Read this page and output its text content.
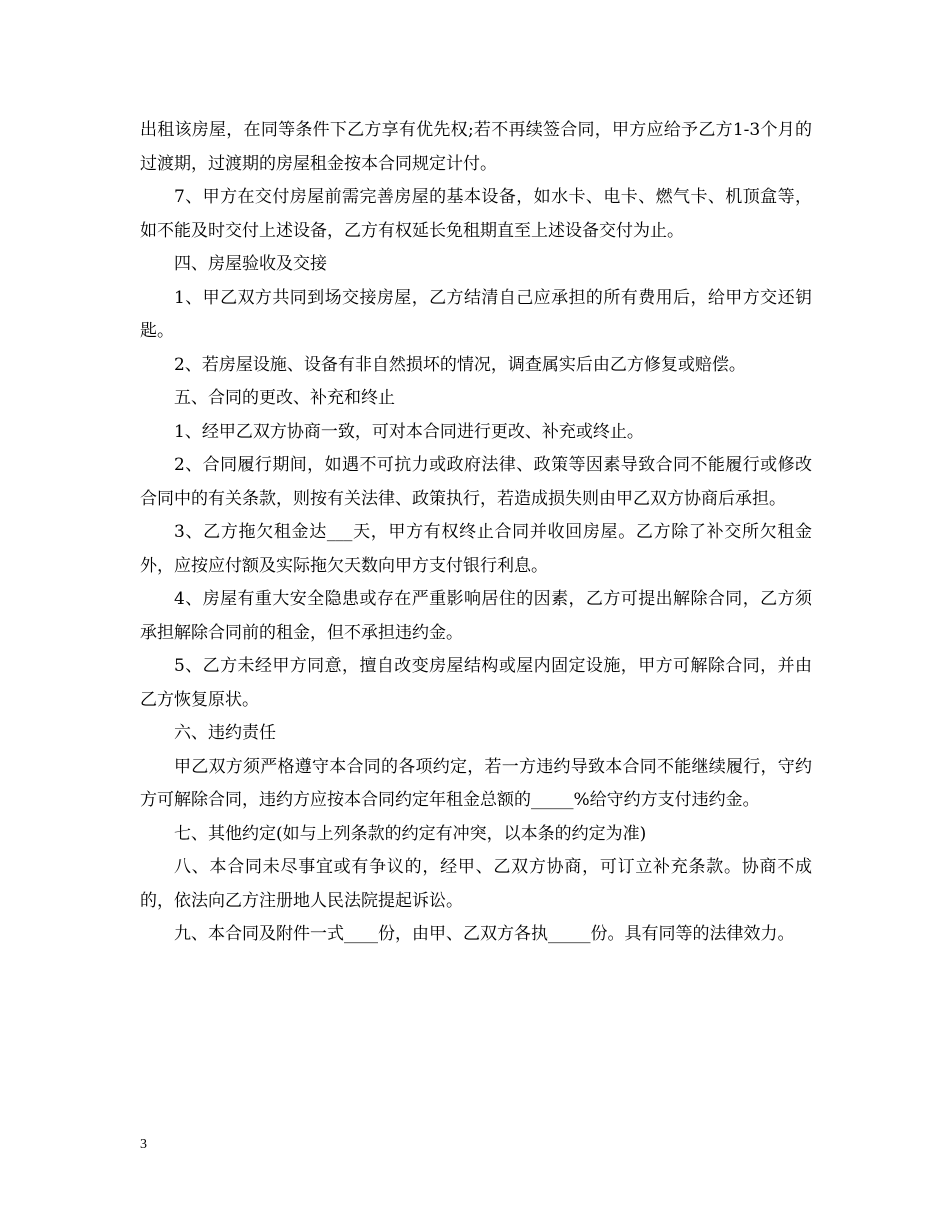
出租该房屋，在同等条件下乙方享有优先权;若不再续签合同，甲方应给予乙方1-3个月的过渡期，过渡期的房屋租金按本合同规定计付。

7、甲方在交付房屋前需完善房屋的基本设备，如水卡、电卡、燃气卡、机顶盒等，如不能及时交付上述设备，乙方有权延长免租期直至上述设备交付为止。

四、房屋验收及交接

1、甲乙双方共同到场交接房屋，乙方结清自己应承担的所有费用后，给甲方交还钥匙。

2、若房屋设施、设备有非自然损坏的情况，调查属实后由乙方修复或赔偿。

五、合同的更改、补充和终止

1、经甲乙双方协商一致，可对本合同进行更改、补充或终止。

2、合同履行期间，如遇不可抗力或政府法律、政策等因素导致合同不能履行或修改合同中的有关条款，则按有关法律、政策执行，若造成损失则由甲乙双方协商后承担。

3、乙方拖欠租金达___天，甲方有权终止合同并收回房屋。乙方除了补交所欠租金外，应按应付额及实际拖欠天数向甲方支付银行利息。

4、房屋有重大安全隐患或存在严重影响居住的因素，乙方可提出解除合同，乙方须承担解除合同前的租金，但不承担违约金。

5、乙方未经甲方同意，擅自改变房屋结构或屋内固定设施，甲方可解除合同，并由乙方恢复原状。

六、违约责任

甲乙双方须严格遵守本合同的各项约定，若一方违约导致本合同不能继续履行，守约方可解除合同，违约方应按本合同约定年租金总额的_____%给守约方支付违约金。

七、其他约定(如与上列条款的约定有冲突，以本条的约定为准)

八、本合同未尽事宜或有争议的，经甲、乙双方协商，可订立补充条款。协商不成的，依法向乙方注册地人民法院提起诉讼。

九、本合同及附件一式____份，由甲、乙双方各执_____份。具有同等的法律效力。

3
